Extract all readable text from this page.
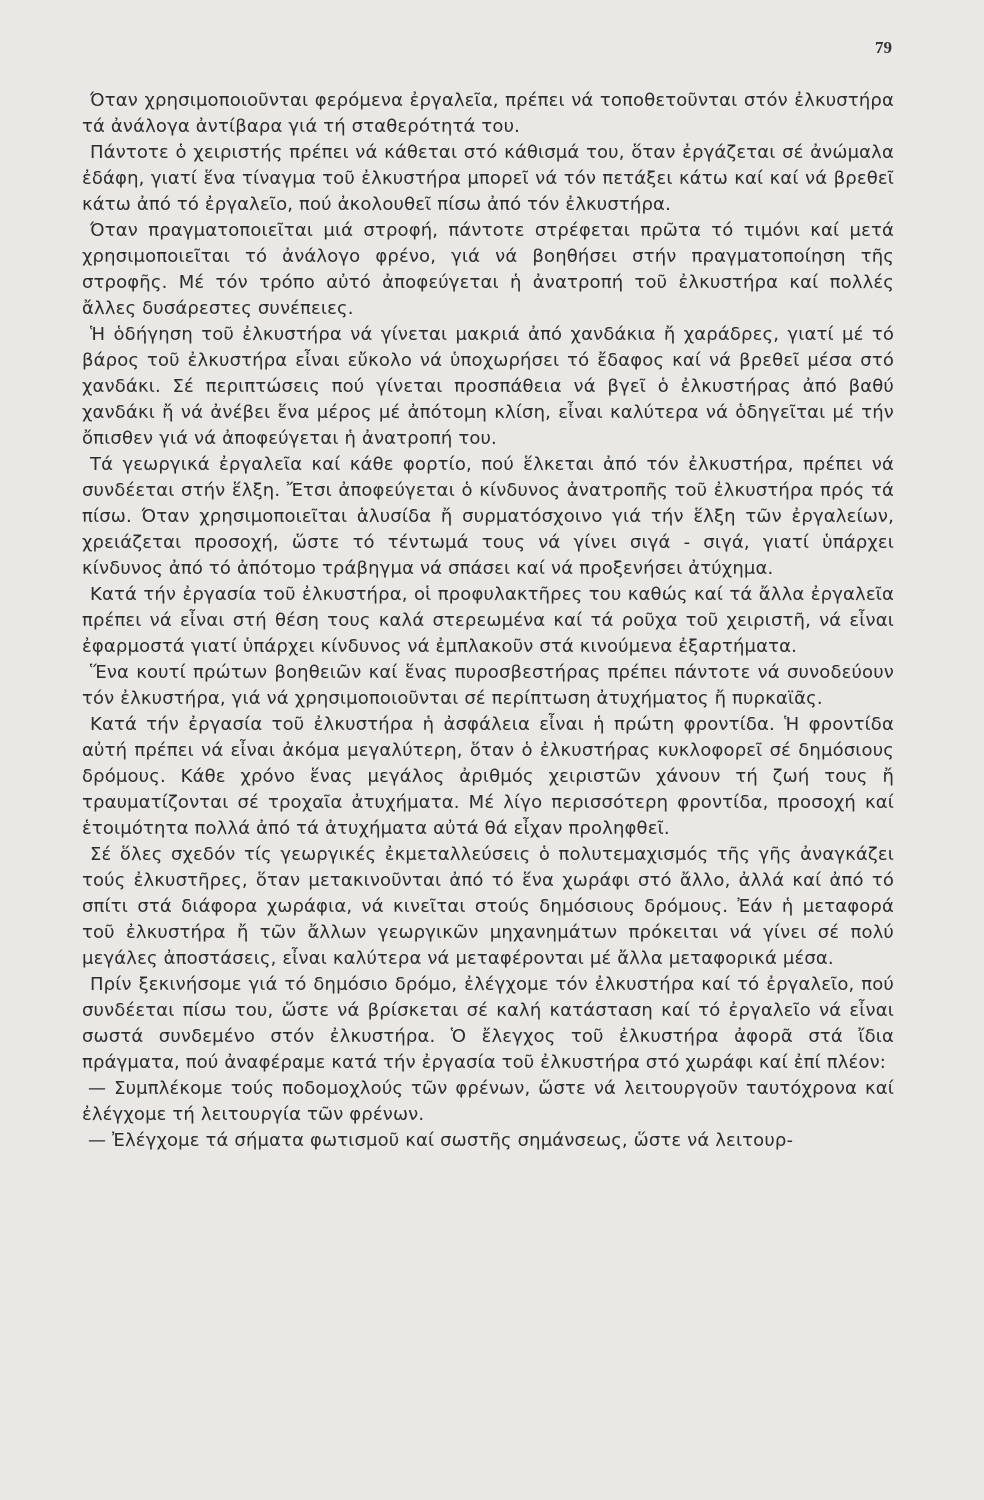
79

Όταν χρησιμοποιοῦνται φερόμενα ἐργαλεῖα, πρέπει νά τοποθετοῦνται στόν ἐλκυστήρα τά ἀνάλογα ἀντίβαρα γιά τή σταθερότητά του.

Πάντοτε ὁ χειριστής πρέπει νά κάθεται στό κάθισμά του, ὅταν ἐργάζεται σέ ἀνώμαλα ἐδάφη, γιατί ἕνα τίναγμα τοῦ ἐλκυστήρα μπορεῖ νά τόν πετάξει κάτω καί καί νά βρεθεῖ κάτω ἀπό τό ἐργαλεῖο, πού ἀκολουθεῖ πίσω ἀπό τόν ἐλκυστήρα.

Όταν πραγματοποιεῖται μιά στροφή, πάντοτε στρέφεται πρῶτα τό τιμόνι καί μετά χρησιμοποιεῖται τό ἀνάλογο φρένο, γιά νά βοηθήσει στήν πραγματοποίηση τῆς στροφῆς. Μέ τόν τρόπο αὐτό ἀποφεύγεται ἡ ἀνατροπή τοῦ ἐλκυστήρα καί πολλές ἄλλες δυσάρεστες συνέπειες.

Ἡ ὁδήγηση τοῦ ἐλκυστήρα νά γίνεται μακριά ἀπό χανδάκια ἤ χαράδρες, γιατί μέ τό βάρος τοῦ ἐλκυστήρα εἶναι εὔκολο νά ὑποχωρήσει τό ἔδαφος καί νά βρεθεῖ μέσα στό χανδάκι. Σέ περιπτώσεις πού γίνεται προσπάθεια νά βγεῖ ὁ ἐλκυστήρας ἀπό βαθύ χανδάκι ἤ νά ἀνέβει ἕνα μέρος μέ ἀπότομη κλίση, εἶναι καλύτερα νά ὁδηγεῖται μέ τήν ὄπισθεν γιά νά ἀποφεύγεται ἡ ἀνατροπή του.

Τά γεωργικά ἐργαλεῖα καί κάθε φορτίο, πού ἕλκεται ἀπό τόν ἐλκυστήρα, πρέπει νά συνδέεται στήν ἕλξη. Ἔτσι ἀποφεύγεται ὁ κίνδυνος ἀνατροπῆς τοῦ ἐλκυστήρα πρός τά πίσω. Όταν χρησιμοποιεῖται ἁλυσίδα ἤ συρματόσχοινο γιά τήν ἕλξη τῶν ἐργαλείων, χρειάζεται προσοχή, ὥστε τό τέντωμά τους νά γίνει σιγά - σιγά, γιατί ὑπάρχει κίνδυνος ἀπό τό ἀπότομο τράβηγμα νά σπάσει καί νά προξενήσει ἀτύχημα.

Κατά τήν ἐργασία τοῦ ἐλκυστήρα, οἱ προφυλακτῆρες του καθώς καί τά ἄλλα ἐργαλεῖα πρέπει νά εἶναι στή θέση τους καλά στερεωμένα καί τά ροῦχα τοῦ χειριστῆ, νά εἶναι ἐφαρμοστά γιατί ὑπάρχει κίνδυνος νά ἐμπλακοῦν στά κινούμενα ἐξαρτήματα.

Ἕνα κουτί πρώτων βοηθειῶν καί ἕνας πυροσβεστήρας πρέπει πάντοτε νά συνοδεύουν τόν ἐλκυστήρα, γιά νά χρησιμοποιοῦνται σέ περίπτωση ἀτυχήματος ἤ πυρκαϊᾶς.

Κατά τήν ἐργασία τοῦ ἐλκυστήρα ἡ ἀσφάλεια εἶναι ἡ πρώτη φροντίδα. Ἡ φροντίδα αὐτή πρέπει νά εἶναι ἀκόμα μεγαλύτερη, ὅταν ὁ ἐλκυστήρας κυκλοφορεῖ σέ δημόσιους δρόμους. Κάθε χρόνο ἕνας μεγάλος ἀριθμός χειριστῶν χάνουν τή ζωή τους ἤ τραυματίζονται σέ τροχαῖα ἀτυχήματα. Μέ λίγο περισσότερη φροντίδα, προσοχή καί ἑτοιμότητα πολλά ἀπό τά ἀτυχήματα αὐτά θά εἶχαν προληφθεῖ.

Σέ ὅλες σχεδόν τίς γεωργικές ἐκμεταλλεύσεις ὁ πολυτεμαχισμός τῆς γῆς ἀναγκάζει τούς ἐλκυστῆρες, ὅταν μετακινοῦνται ἀπό τό ἕνα χωράφι στό ἄλλο, ἀλλά καί ἀπό τό σπίτι στά διάφορα χωράφια, νά κινεῖται στούς δημόσιους δρόμους. Ἐάν ἡ μεταφορά τοῦ ἐλκυστήρα ἤ τῶν ἄλλων γεωργικῶν μηχανημάτων πρόκειται νά γίνει σέ πολύ μεγάλες ἀποστάσεις, εἶναι καλύτερα νά μεταφέρονται μέ ἄλλα μεταφορικά μέσα.

Πρίν ξεκινήσομε γιά τό δημόσιο δρόμο, ἐλέγχομε τόν ἐλκυστήρα καί τό ἐργαλεῖο, πού συνδέεται πίσω του, ὥστε νά βρίσκεται σέ καλή κατάσταση καί τό ἐργαλεῖο νά εἶναι σωστά συνδεμένο στόν ἐλκυστήρα. Ὁ ἔλεγχος τοῦ ἐλκυστήρα ἀφορᾶ στά ἴδια πράγματα, πού ἀναφέραμε κατά τήν ἐργασία τοῦ ἐλκυστήρα στό χωράφι καί ἐπί πλέον:

— Συμπλέκομε τούς ποδομοχλούς τῶν φρένων, ὥστε νά λειτουργοῦν ταυτόχρονα καί ἐλέγχομε τή λειτουργία τῶν φρένων.

— Ἐλέγχομε τά σήματα φωτισμοῦ καί σωστῆς σημάνσεως, ὥστε νά λειτουρ-
